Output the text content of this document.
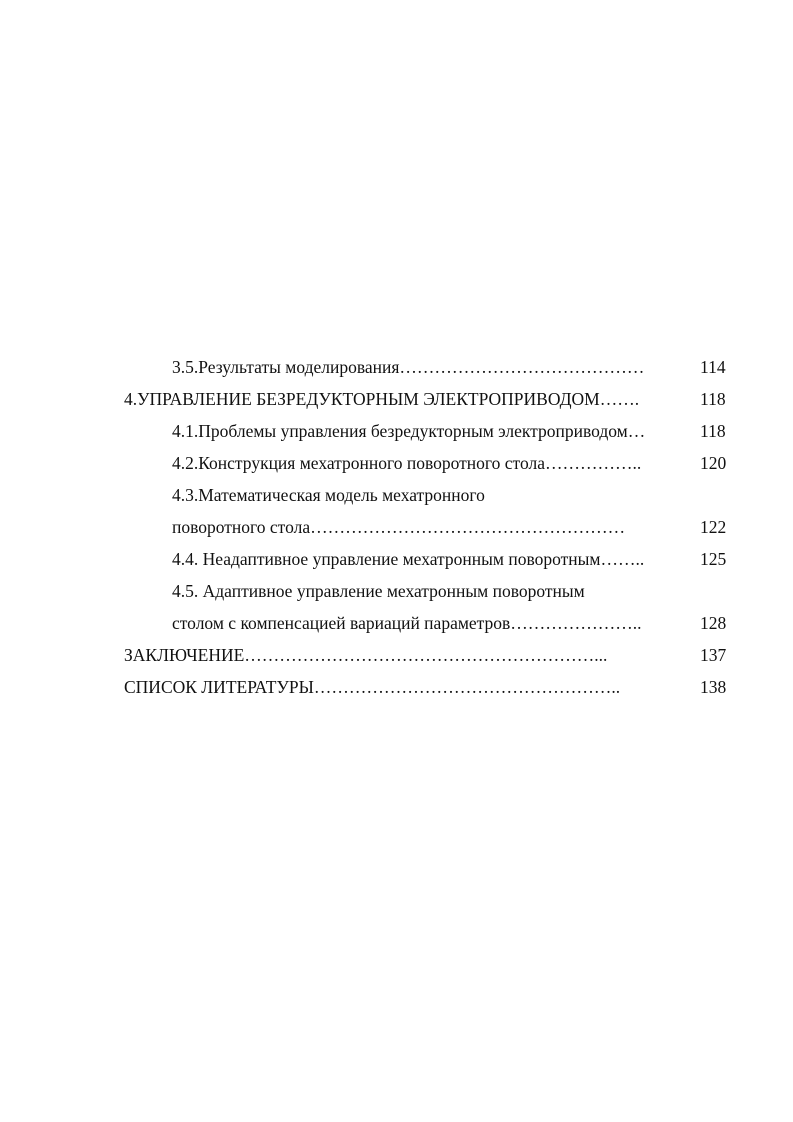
3.5.Результаты моделирования……………………………………	114
4.УПРАВЛЕНИЕ БЕЗРЕДУКТОРНЫМ ЭЛЕКТРОПРИВОДОМ…….	118
4.1.Проблемы управления безредукторным электроприводом…	118
4.2.Конструкция мехатронного поворотного стола……………..	120
4.3.Математическая модель мехатронного
поворотного стола………………………………………………	122
4.4. Неадаптивное управление мехатронным поворотным……..	125
4.5. Адаптивное управление мехатронным поворотным
столом с компенсацией вариаций параметров…………………..	128
ЗАКЛЮЧЕНИЕ……………………………………………………...	137
СПИСОК ЛИТЕРАТУРЫ……………………………………………..	138
